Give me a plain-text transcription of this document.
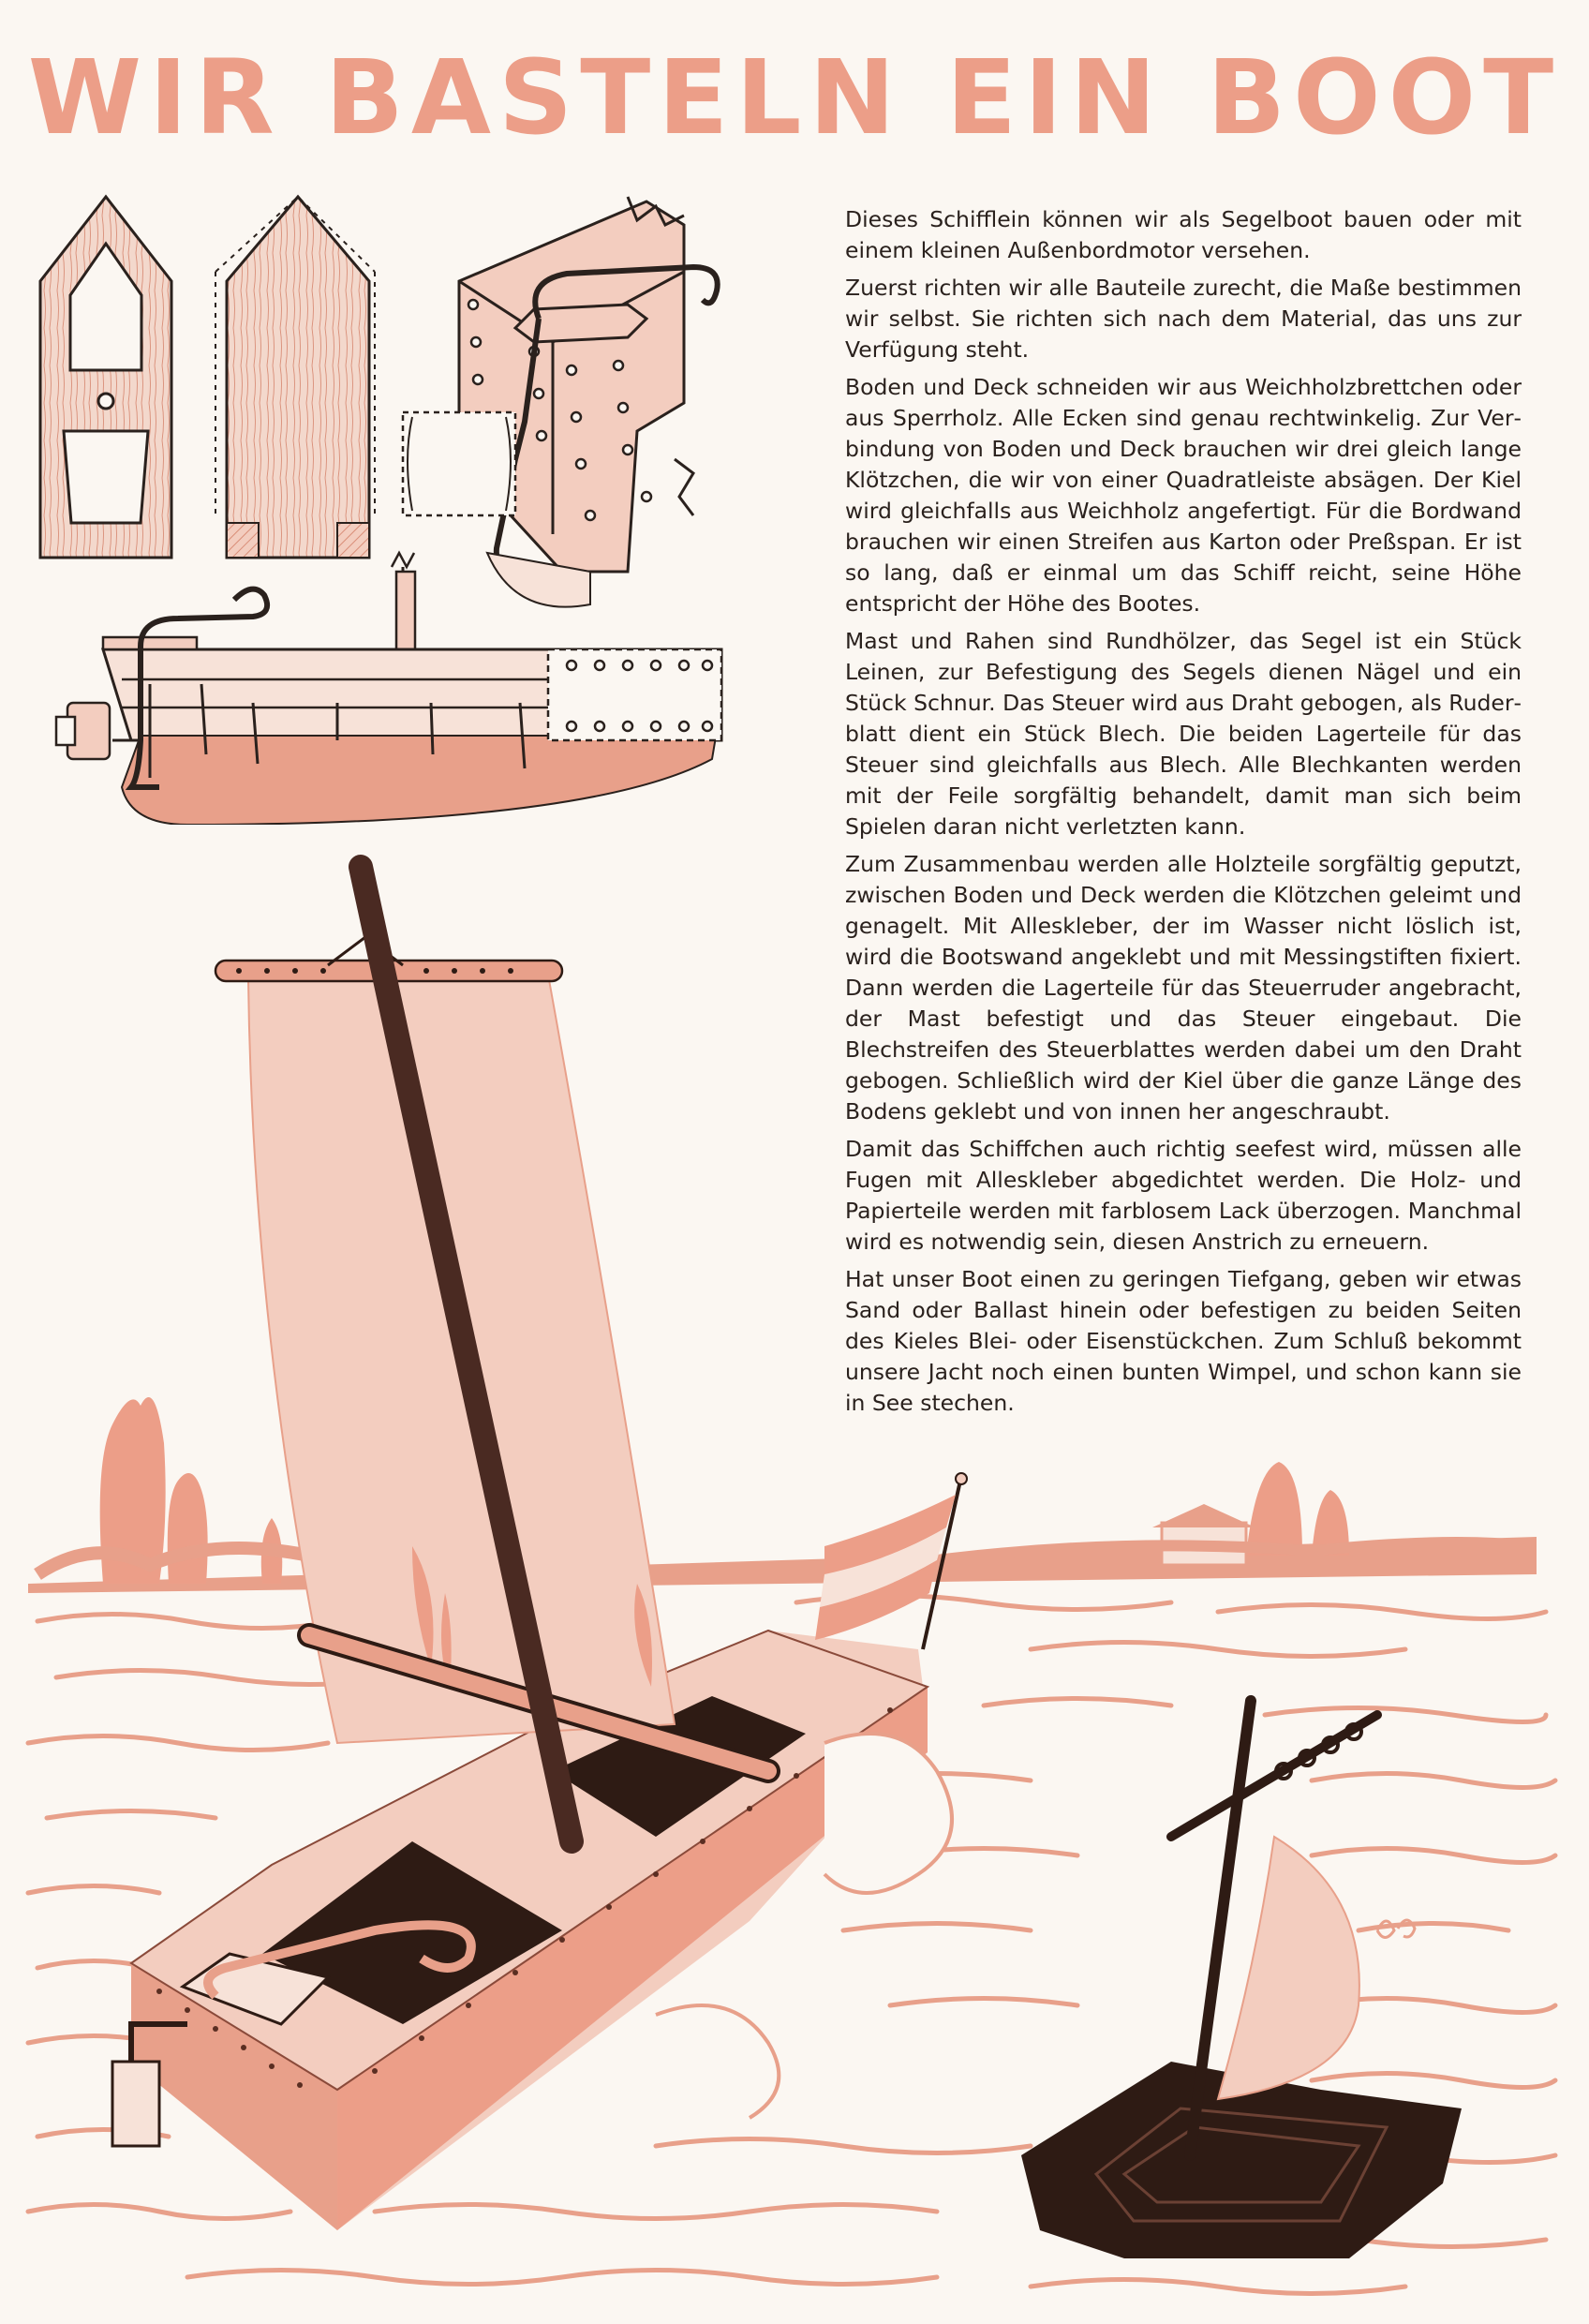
WIR BASTELN EIN BOOT

Dieses Schifflein können wir als Segelboot bauen oder mit einem kleinen Außenbordmotor versehen.

Zuerst richten wir alle Bauteile zurecht, die Maße bestimmen wir selbst. Sie richten sich nach dem Material, das uns zur Verfügung steht.

Boden und Deck schneiden wir aus Weichholzbrettchen oder aus Sperrholz. Alle Ecken sind genau rechtwinkelig. Zur Verbindung von Boden und Deck brauchen wir drei gleich lange Klötzchen, die wir von einer Quadratleiste absägen. Der Kiel wird gleichfalls aus Weichholz angefertigt. Für die Bordwand brauchen wir einen Streifen aus Karton oder Preßspan. Er ist so lang, daß er einmal um das Schiff reicht, seine Höhe entspricht der Höhe des Bootes.

Mast und Rahen sind Rundhölzer, das Segel ist ein Stück Leinen, zur Befestigung des Segels dienen Nägel und ein Stück Schnur. Das Steuer wird aus Draht gebogen, als Ruderblatt dient ein Stück Blech. Die beiden Lagerteile für das Steuer sind gleichfalls aus Blech. Alle Blechkanten werden mit der Feile sorgfältig behandelt, damit man sich beim Spielen daran nicht verletzten kann.

Zum Zusammenbau werden alle Holzteile sorgfältig geputzt, zwischen Boden und Deck werden die Klötzchen geleimt und genagelt. Mit Alleskleber, der im Wasser nicht löslich ist, wird die Bootswand angeklebt und mit Messingstiften fixiert. Dann werden die Lagerteile für das Steuerruder angebracht, der Mast befestigt und das Steuer eingebaut. Die Blechstreifen des Steuerblattes werden dabei um den Draht gebogen. Schließlich wird der Kiel über die ganze Länge des Bodens geklebt und von innen her angeschraubt.

Damit das Schiffchen auch richtig seefest wird, müssen alle Fugen mit Alleskleber abgedichtet werden. Die Holz- und Papierteile werden mit farblosem Lack überzogen. Manchmal wird es notwendig sein, diesen Anstrich zu erneuern.

Hat unser Boot einen zu geringen Tiefgang, geben wir etwas Sand oder Ballast hinein oder befestigen zu beiden Seiten des Kieles Blei- oder Eisenstückchen. Zum Schluß bekommt unsere Jacht noch einen bunten Wimpel, und schon kann sie in See stechen.
